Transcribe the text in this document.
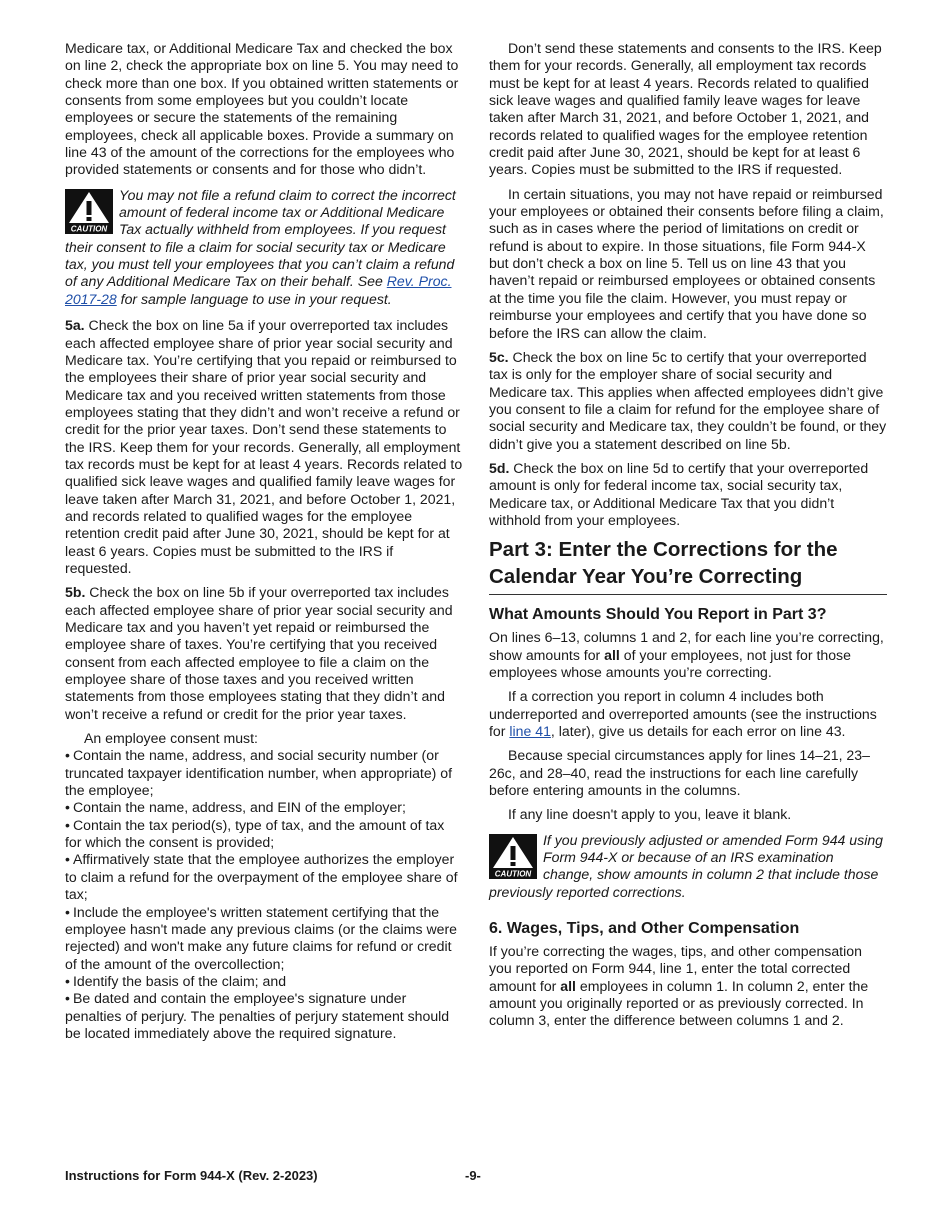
Medicare tax, or Additional Medicare Tax and checked the box on line 2, check the appropriate box on line 5. You may need to check more than one box. If you obtained written statements or consents from some employees but you couldn’t locate employees or secure the statements of the remaining employees, check all applicable boxes. Provide a summary on line 43 of the amount of the corrections for the employees who provided statements or consents and for those who didn’t.

CAUTION

You may not file a refund claim to correct the incorrect amount of federal income tax or Additional Medicare Tax actually withheld from employees. If you request their consent to file a claim for social security tax or Medicare tax, you must tell your employees that you can’t claim a refund of any Additional Medicare Tax on their behalf. See Rev. Proc. 2017-28 for sample language to use in your request.

5a. Check the box on line 5a if your overreported tax includes each affected employee share of prior year social security and Medicare tax. You’re certifying that you repaid or reimbursed to the employees their share of prior year social security and Medicare tax and you received written statements from those employees stating that they didn’t and won’t receive a refund or credit for the prior year taxes. Don’t send these statements to the IRS. Keep them for your records. Generally, all employment tax records must be kept for at least 4 years. Records related to qualified sick leave wages and qualified family leave wages for leave taken after March 31, 2021, and before October 1, 2021, and records related to qualified wages for the employee retention credit paid after June 30, 2021, should be kept for at least 6 years. Copies must be submitted to the IRS if requested.

5b. Check the box on line 5b if your overreported tax includes each affected employee share of prior year social security and Medicare tax and you haven’t yet repaid or reimbursed the employee share of taxes. You’re certifying that you received consent from each affected employee to file a claim on the employee share of those taxes and you received written statements from those employees stating that they didn’t and won’t receive a refund or credit for the prior year taxes.

An employee consent must:

• Contain the name, address, and social security number (or truncated taxpayer identification number, when appropriate) of the employee;
• Contain the name, address, and EIN of the employer;
• Contain the tax period(s), type of tax, and the amount of tax for which the consent is provided;
• Affirmatively state that the employee authorizes the employer to claim a refund for the overpayment of the employee share of tax;
• Include the employee's written statement certifying that the employee hasn't made any previous claims (or the claims were rejected) and won't make any future claims for refund or credit of the amount of the overcollection;
• Identify the basis of the claim; and
• Be dated and contain the employee's signature under penalties of perjury. The penalties of perjury statement should be located immediately above the required signature.

Don’t send these statements and consents to the IRS. Keep them for your records. Generally, all employment tax records must be kept for at least 4 years. Records related to qualified sick leave wages and qualified family leave wages for leave taken after March 31, 2021, and before October 1, 2021, and records related to qualified wages for the employee retention credit paid after June 30, 2021, should be kept for at least 6 years. Copies must be submitted to the IRS if requested.

In certain situations, you may not have repaid or reimbursed your employees or obtained their consents before filing a claim, such as in cases where the period of limitations on credit or refund is about to expire. In those situations, file Form 944-X but don’t check a box on line 5. Tell us on line 43 that you haven’t repaid or reimbursed employees or obtained consents at the time you file the claim. However, you must repay or reimburse your employees and certify that you have done so before the IRS can allow the claim.

5c. Check the box on line 5c to certify that your overreported tax is only for the employer share of social security and Medicare tax. This applies when affected employees didn’t give you consent to file a claim for refund for the employee share of social security and Medicare tax, they couldn’t be found, or they didn’t give you a statement described on line 5b.

5d. Check the box on line 5d to certify that your overreported amount is only for federal income tax, social security tax, Medicare tax, or Additional Medicare Tax that you didn’t withhold from your employees.

Part 3: Enter the Corrections for the Calendar Year You’re Correcting
What Amounts Should You Report in Part 3?

On lines 6–13, columns 1 and 2, for each line you’re correcting, show amounts for all of your employees, not just for those employees whose amounts you’re correcting.

If a correction you report in column 4 includes both underreported and overreported amounts (see the instructions for line 41, later), give us details for each error on line 43.

Because special circumstances apply for lines 14–21, 23–26c, and 28–40, read the instructions for each line carefully before entering amounts in the columns.

If any line doesn't apply to you, leave it blank.

CAUTION

If you previously adjusted or amended Form 944 using Form 944-X or because of an IRS examination change, show amounts in column 2 that include those previously reported corrections.

6. Wages, Tips, and Other Compensation

If you’re correcting the wages, tips, and other compensation you reported on Form 944, line 1, enter the total corrected amount for all employees in column 1. In column 2, enter the amount you originally reported or as previously corrected. In column 3, enter the difference between columns 1 and 2.

Instructions for Form 944-X (Rev. 2-2023)	-9-
